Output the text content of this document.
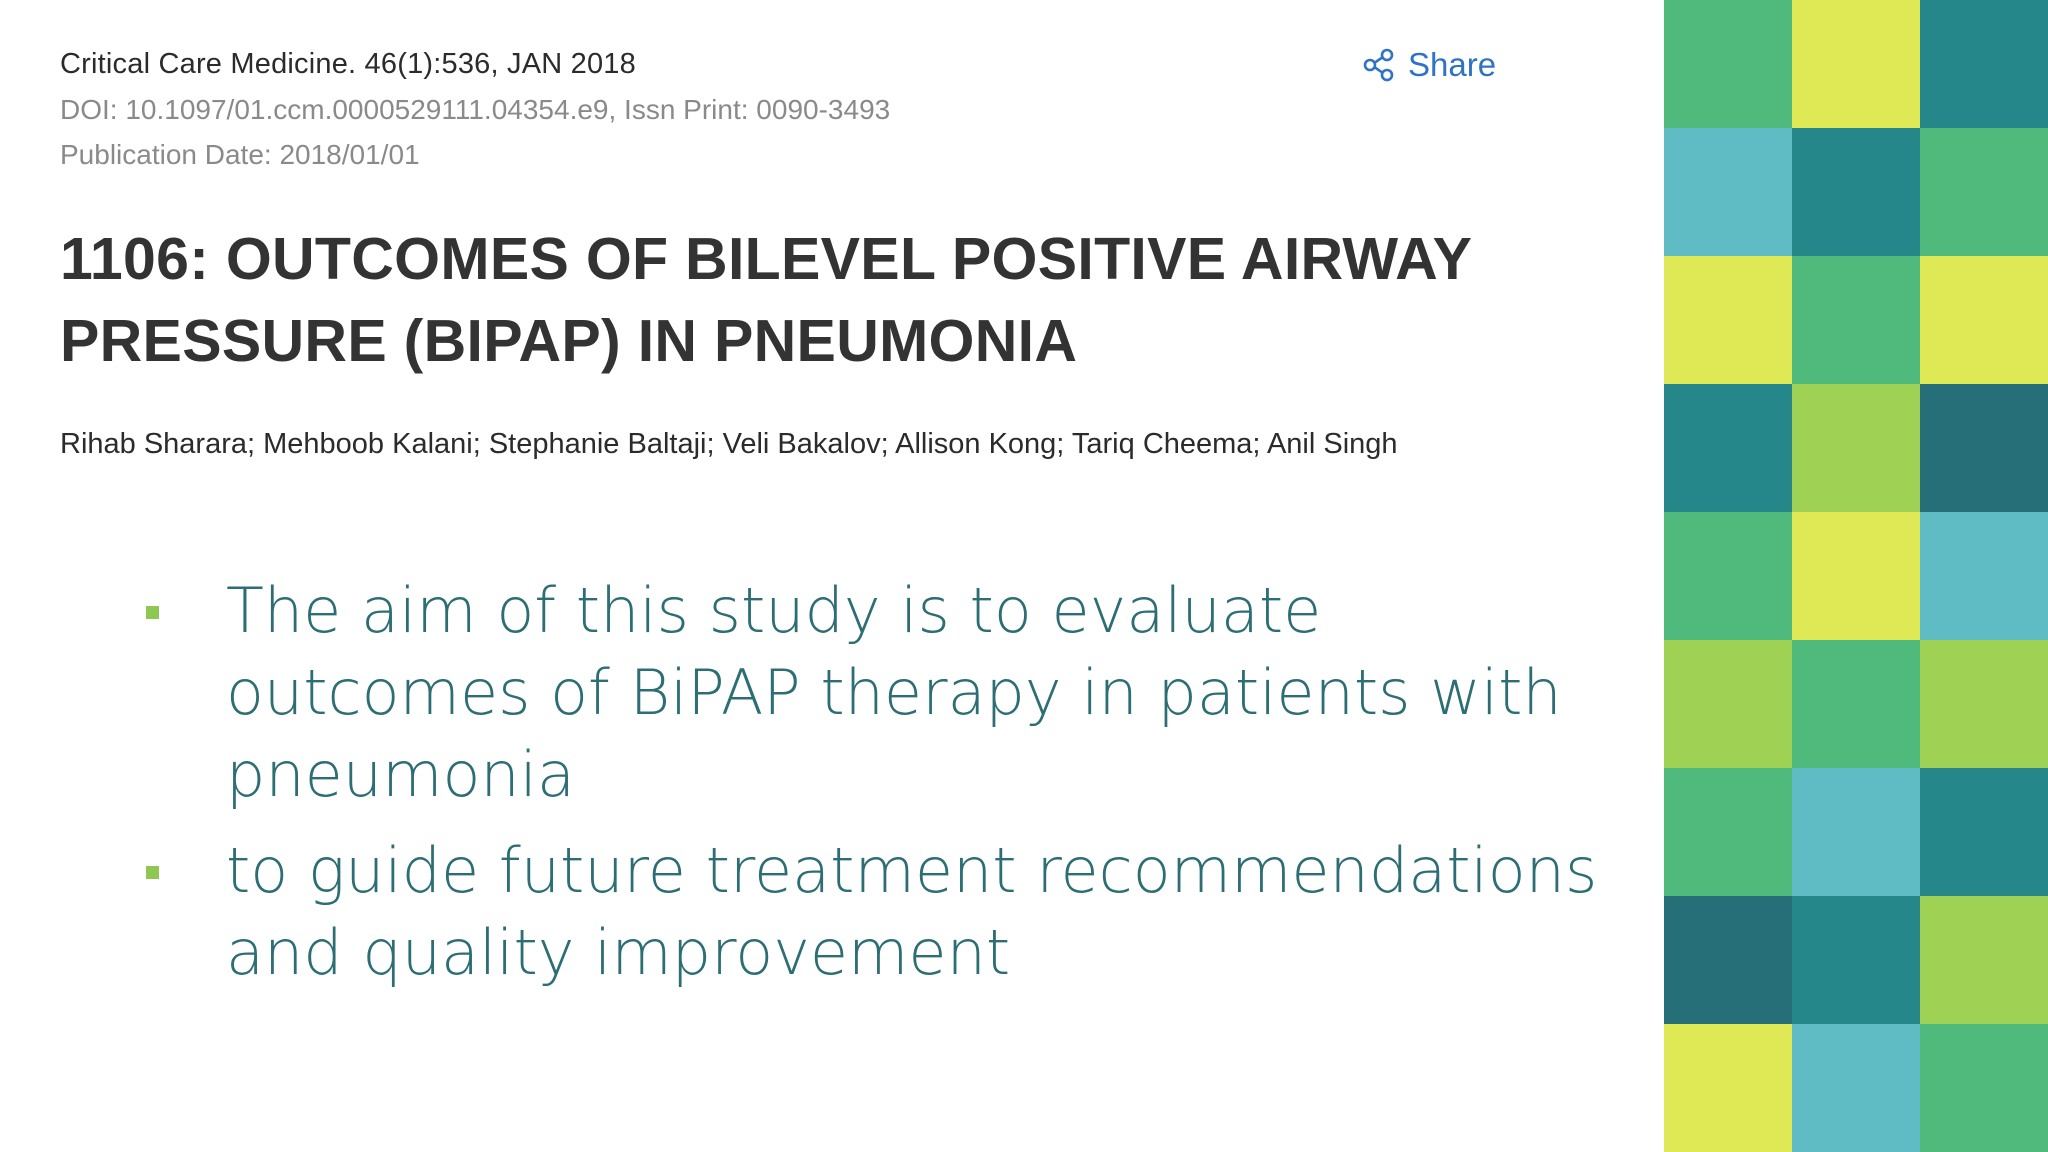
Critical Care Medicine. 46(1):536, JAN 2018
DOI: 10.1097/01.ccm.0000529111.04354.e9, Issn Print: 0090-3493
Publication Date: 2018/01/01
Share
1106: OUTCOMES OF BILEVEL POSITIVE AIRWAY PRESSURE (BIPAP) IN PNEUMONIA
Rihab Sharara; Mehboob Kalani; Stephanie Baltaji; Veli Bakalov; Allison Kong; Tariq Cheema; Anil Singh
The aim of this study is to evaluate outcomes of BiPAP therapy in patients with pneumonia
to guide future treatment recommendations and quality improvement
